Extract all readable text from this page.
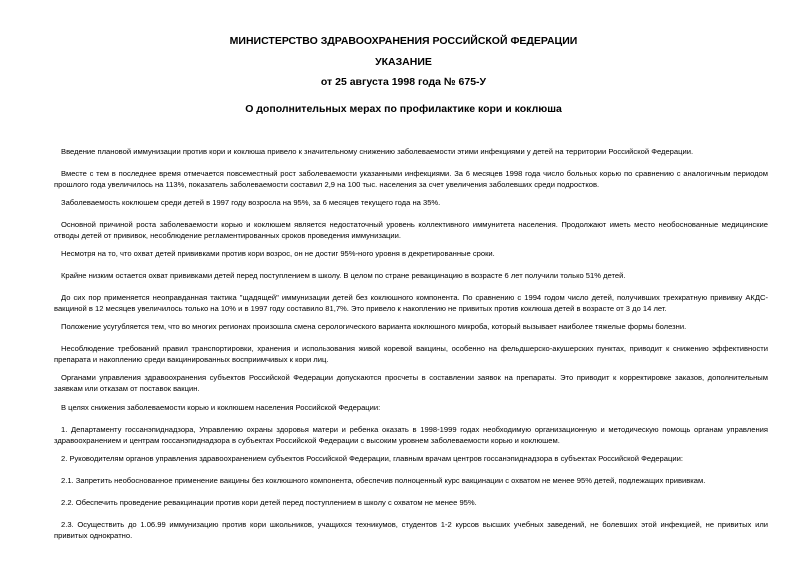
МИНИСТЕРСТВО ЗДРАВООХРАНЕНИЯ РОССИЙСКОЙ ФЕДЕРАЦИИ

УКАЗАНИЕ

от 25 августа 1998 года № 675-У

О дополнительных мерах по профилактике кори и коклюша

Введение плановой иммунизации против кори и коклюша привело к значительному снижению заболеваемости этими инфекциями у детей на территории Российской Федерации.

Вместе с тем в последнее время отмечается повсеместный рост заболеваемости указанными инфекциями. За 6 месяцев 1998 года число больных корью по сравнению с аналогичным периодом прошлого года увеличилось на 113%, показатель заболеваемости составил 2,9 на 100 тыс. населения за счет увеличения заболевших среди подростков.

Заболеваемость коклюшем среди детей в 1997 году возросла на 95%, за 6 месяцев текущего года на 35%.

Основной причиной роста заболеваемости корью и коклюшем является недостаточный уровень коллективного иммунитета населения. Продолжают иметь место необоснованные медицинские отводы детей от прививок, несоблюдение регламентированных сроков проведения иммунизации.

Несмотря на то, что охват детей прививками против кори возрос, он не достиг 95%-ного уровня в декретированные сроки.

Крайне низким остается охват прививками детей перед поступлением в школу. В целом по стране ревакцинацию в возрасте 6 лет получили только 51% детей.

До сих пор применяется неоправданная тактика "щадящей" иммунизации детей без коклюшного компонента. По сравнению с 1994 годом число детей, получивших трехкратную прививку АКДС-вакциной в 12 месяцев увеличилось только на 10% и в 1997 году составило 81,7%. Это привело к накоплению не привитых против коклюша детей в возрасте от 3 до 14 лет.

Положение усугубляется тем, что во многих регионах произошла смена серологического варианта коклюшного микроба, который вызывает наиболее тяжелые формы болезни.

Несоблюдение требований правил транспортировки, хранения и использования живой коревой вакцины, особенно на фельдшерско-акушерских пунктах, приводит к снижению эффективности препарата и накоплению среди вакцинированных восприимчивых к кори лиц.

Органами управления здравоохранения субъектов Российской Федерации допускаются просчеты в составлении заявок на препараты. Это приводит к корректировке заказов, дополнительным заявкам или отказам от поставок вакцин.

В целях снижения заболеваемости корью и коклюшем населения Российской Федерации:

1. Департаменту госсанэпиднадзора, Управлению охраны здоровья матери и ребенка оказать в 1998-1999 годах необходимую организационную и методическую помощь органам управления здравоохранением и центрам госсанэпиднадзора в субъектах Российской Федерации с высоким уровнем заболеваемости корью и коклюшем.

2. Руководителям органов управления здравоохранением субъектов Российской Федерации, главным врачам центров госсанэпиднадзора в субъектах Российской Федерации:

2.1. Запретить необоснованное применение вакцины без коклюшного компонента, обеспечив полноценный курс вакцинации с охватом не менее 95% детей, подлежащих прививкам.

2.2. Обеспечить проведение ревакцинации против кори детей перед поступлением в школу с охватом не менее 95%.

2.3. Осуществить до 1.06.99 иммунизацию против кори школьников, учащихся техникумов, студентов 1-2 курсов высших учебных заведений, не болевших этой инфекцией, не привитых или привитых однократно.
